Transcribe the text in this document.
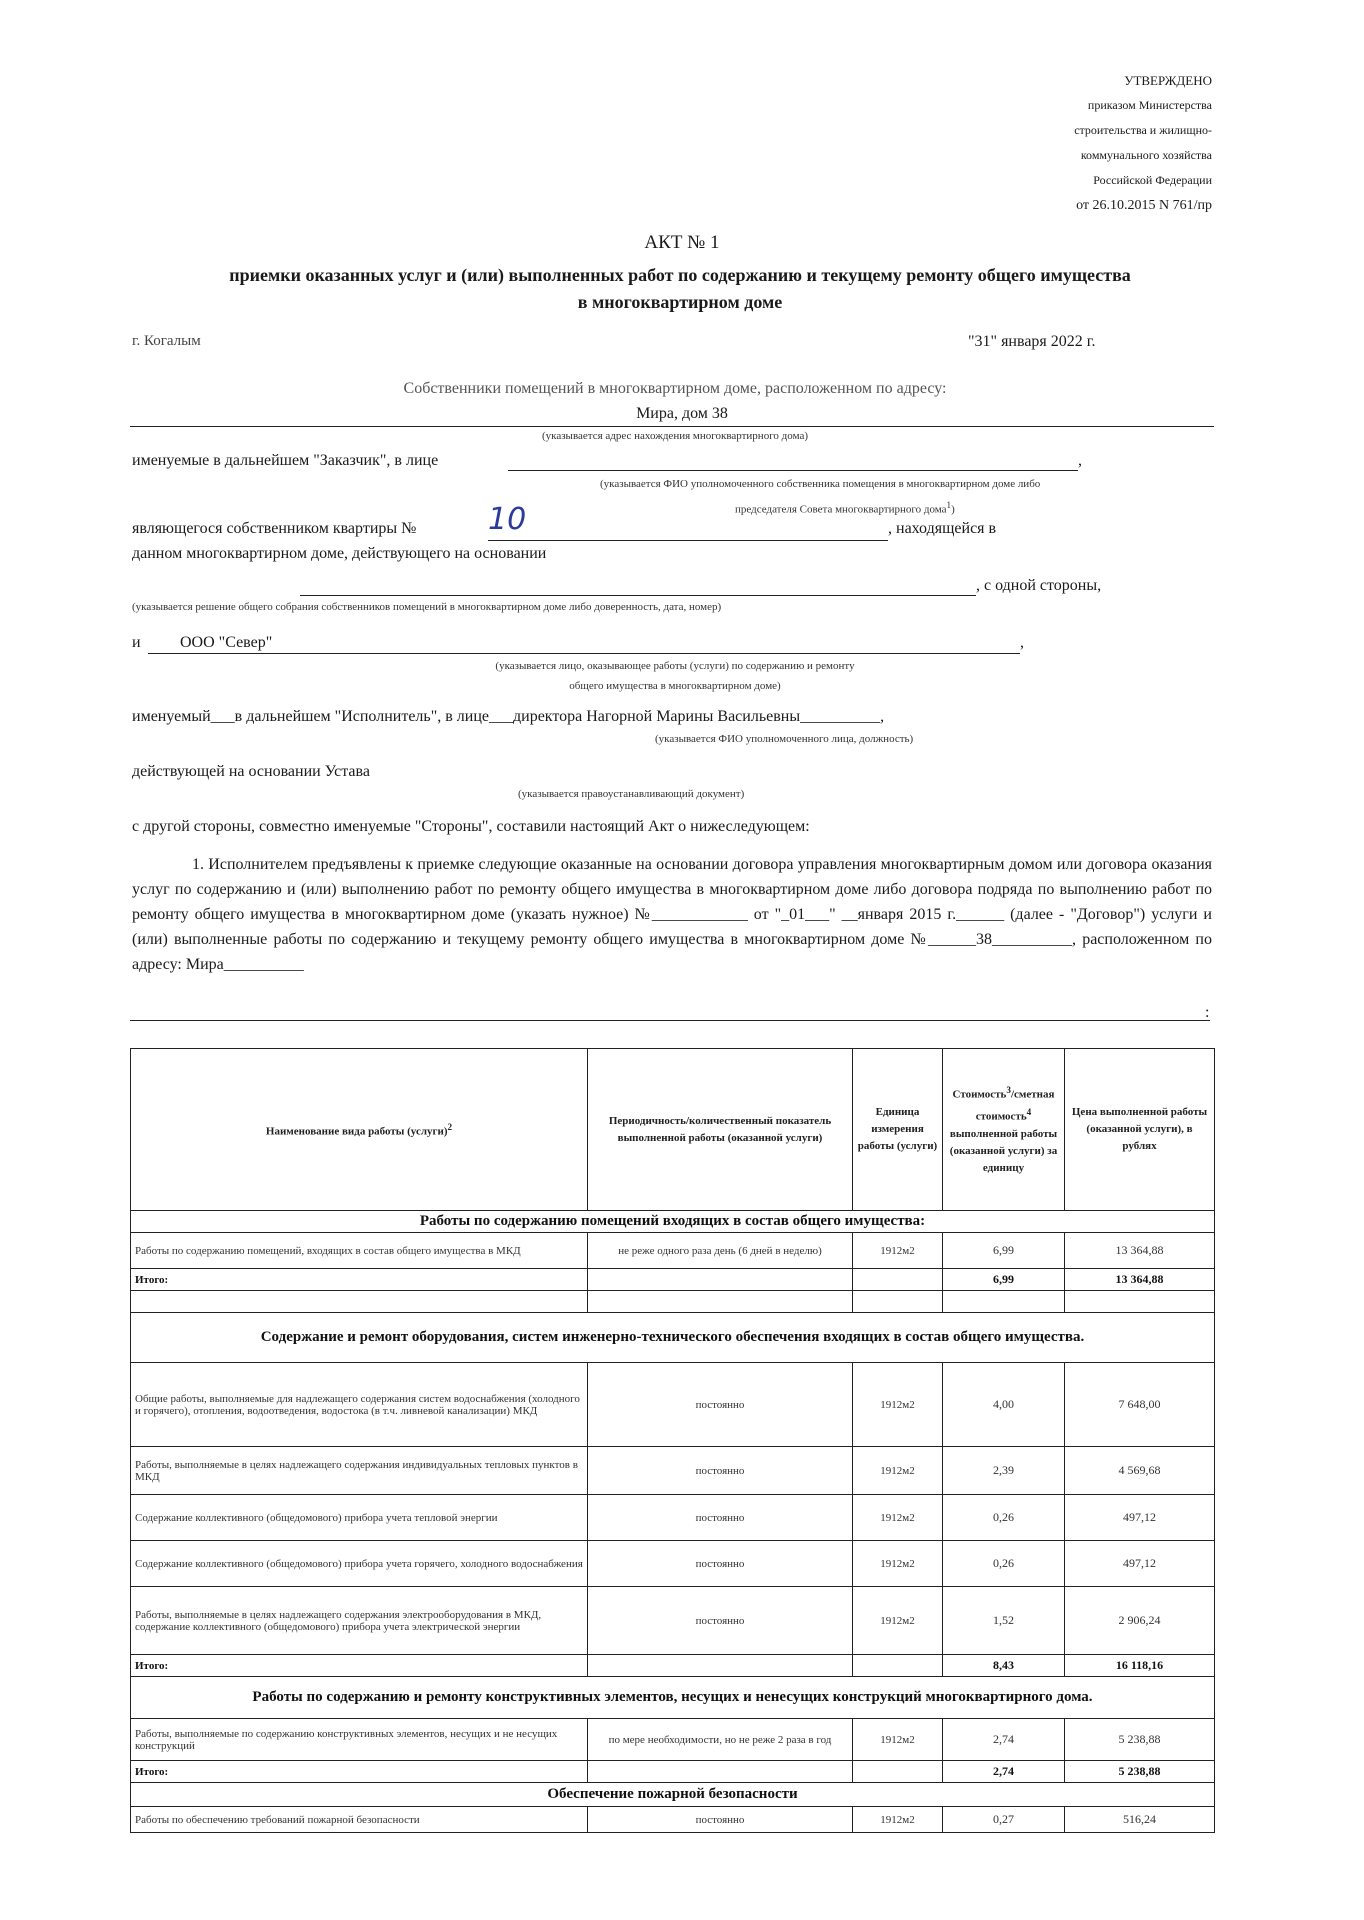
УТВЕРЖДЕНО
приказом Министерства
строительства и жилищно-
коммунального хозяйства
Российской Федерации
от 26.10.2015 N 761/пр
АКТ № 1
приемки оказанных услуг и (или) выполненных работ по содержанию и текущему ремонту общего имущества
в многоквартирном доме
г. Когалым	"31" января 2022 г.
Собственники помещений в многоквартирном доме, расположенном по адресу:
Мира, дом 38
(указывается адрес нахождения многоквартирного дома)
именуемые в дальнейшем "Заказчик", в лице	,
(указывается ФИО уполномоченного собственника помещения в многоквартирном доме либо
председателя Совета многоквартирного дома$^1$)
являющегося собственником квартиры № 10	, находящейся в
данном многоквартирном доме, действующего на основании
, с одной стороны,
(указывается решение общего собрания собственников помещений в многоквартирном доме либо доверенность, дата, номер)
и ООО "Север"	,
(указывается лицо, оказывающее работы (услуги) по содержанию и ремонту
общего имущества в многоквартирном доме)
именуемый___в дальнейшем "Исполнитель", в лице___директора Нагорной Марины Васильевны__________,
(указывается ФИО уполномоченного лица, должность)
действующей на основании Устава
(указывается правоустанавливающий документ)
с другой стороны, совместно именуемые "Стороны", составили настоящий Акт о нижеследующем:
1. Исполнителем предъявлены к приемке следующие оказанные на основании договора управления многоквартирным домом или договора оказания услуг по содержанию и (или) выполнению работ по ремонту общего имущества в многоквартирном доме либо договора подряда по выполнению работ по ремонту общего имущества в многоквартирном доме (указать нужное) №____________ от "_01___" __января 2015 г.______ (далее - "Договор") услуги и (или) выполненные работы по содержанию и текущему ремонту общего имущества в многоквартирном доме №______38__________, расположенном по адресу: Мира__________
:
Наименование вида работы (услуги)$^2$	Периодичность/количественный показатель выполненной работы (оказанной услуги)	Единица измерения работы (услуги)	Стоимость$^3$/сметная стоимость$^4$ выполненной работы (оказанной услуги) за единицу	Цена выполненной работы (оказанной услуги), в рублях
Работы по содержанию помещений входящих в состав общего имущества:				
Работы по содержанию помещений, входящих в состав общего имущества в МКД	не реже одного раза день (6 дней в неделю)	1912м2	6,99	13 364,88
Итого:			6,99	13 364,88

Содержание и ремонт оборудования, систем инженерно-технического обеспечения входящих в состав общего имущества.				
Общие работы, выполняемые для надлежащего содержания систем водоснабжения (холодного и горячего), отопления, водоотведения, водостока (в т.ч. ливневой канализации) МКД	постоянно	1912м2	4,00	7 648,00
Работы, выполняемые в целях надлежащего содержания индивидуальных тепловых пунктов в МКД	постоянно	1912м2	2,39	4 569,68
Содержание коллективного (общедомового) прибора учета тепловой энергии	постоянно	1912м2	0,26	497,12
Содержание коллективного (общедомового) прибора учета горячего, холодного водоснабжения	постоянно	1912м2	0,26	497,12
Работы, выполняемые в целях надлежащего содержания электрооборудования в МКД, содержание коллективного (общедомового) прибора учета электрической энергии	постоянно	1912м2	1,52	2 906,24
Итого:			8,43	16 118,16
Работы по содержанию и ремонту конструктивных элементов, несущих и ненесущих конструкций многоквартирного дома.				
Работы, выполняемые по содержанию конструктивных элементов, несущих и не несущих конструкций	по мере необходимости, но не реже 2 раза в год	1912м2	2,74	5 238,88
Итого:			2,74	5 238,88
Обеспечение пожарной безопасности				
Работы по обеспечению требований пожарной безопасности	постоянно	1912м2	0,27	516,24
